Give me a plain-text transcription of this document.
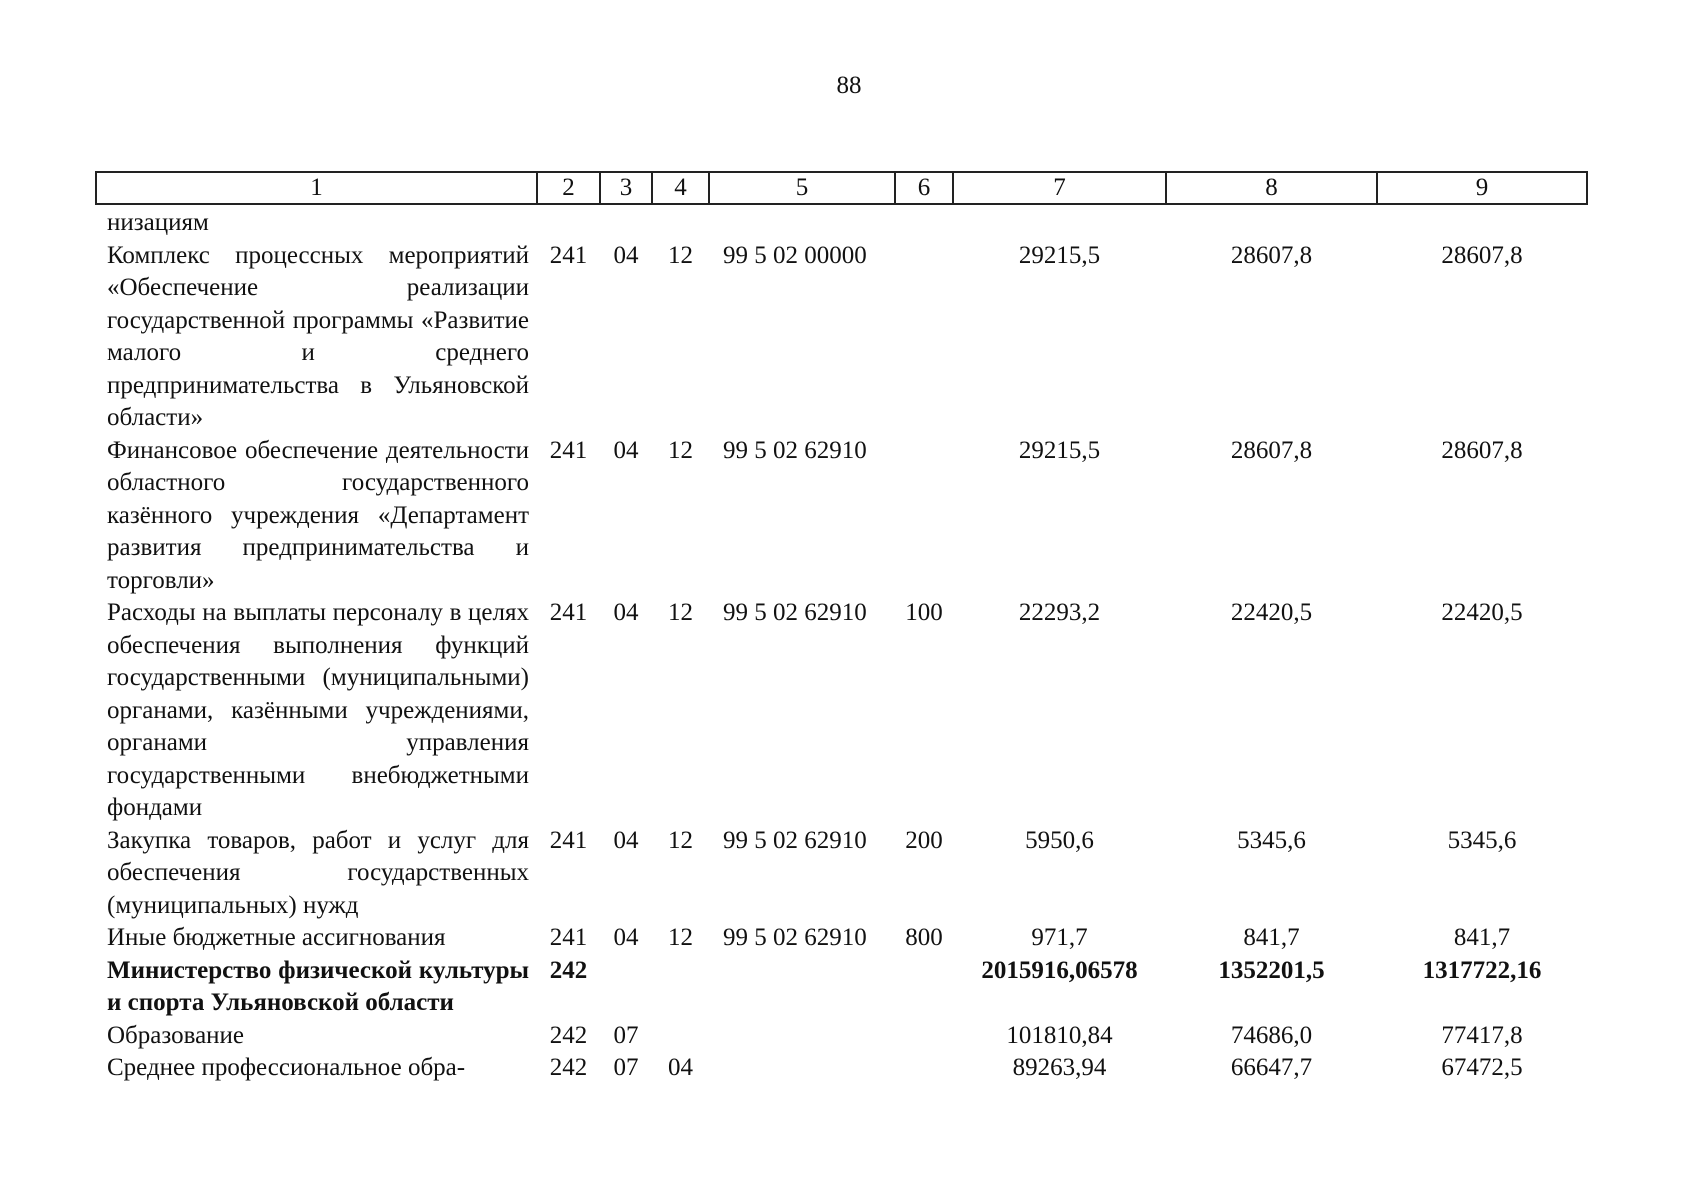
88
1	2	3	4	5	6	7	8	9
низациям								
Комплекс процессных мероприятий «Обеспечение реализации государственной программы «Развитие малого и среднего предпринимательства в Ульяновской области»	241	04	12	99 5 02 00000		29215,5	28607,8	28607,8
Финансовое обеспечение деятельности областного государственного казённого учреждения «Департамент развития предпринимательства и торговли»	241	04	12	99 5 02 62910		29215,5	28607,8	28607,8
Расходы на выплаты персоналу в целях обеспечения выполнения функций государственными (муниципальными) органами, казёнными учреждениями, органами управления государственными внебюджетными фондами	241	04	12	99 5 02 62910	100	22293,2	22420,5	22420,5
Закупка товаров, работ и услуг для обеспечения государственных (муниципальных) нужд	241	04	12	99 5 02 62910	200	5950,6	5345,6	5345,6
Иные бюджетные ассигнования	241	04	12	99 5 02 62910	800	971,7	841,7	841,7
Министерство физической культуры и спорта Ульяновской области	242					2015916,06578	1352201,5	1317722,16
Образование	242	07				101810,84	74686,0	77417,8
Среднее профессиональное обра-	242	07	04			89263,94	66647,7	67472,5
